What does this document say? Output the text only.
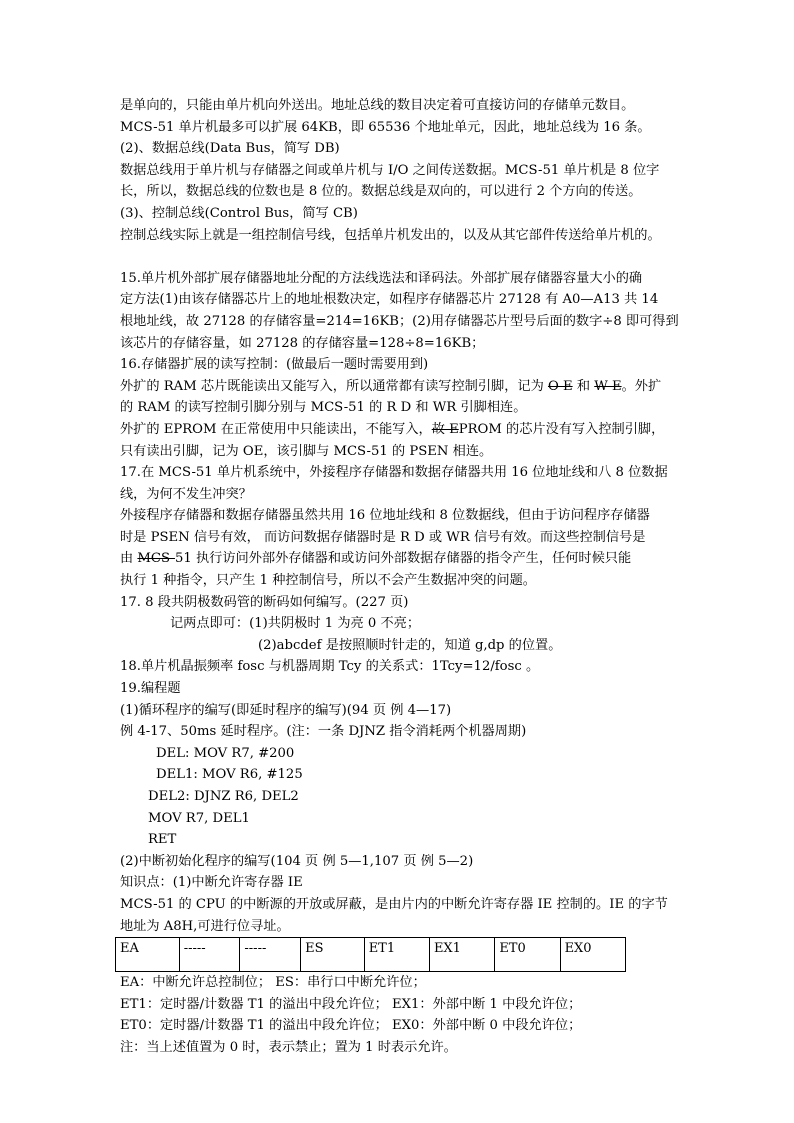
是单向的，只能由单片机向外送出。地址总线的数目决定着可直接访问的存储单元数目。
MCS-51 单片机最多可以扩展 64KB，即 65536 个地址单元，因此，地址总线为 16 条。
(2)、数据总线(Data Bus，简写 DB)
数据总线用于单片机与存储器之间或单片机与 I/O 之间传送数据。MCS-51 单片机是 8 位字
长，所以，数据总线的位数也是 8 位的。数据总线是双向的，可以进行 2 个方向的传送。
(3)、控制总线(Control Bus，简写 CB)
控制总线实际上就是一组控制信号线，包括单片机发出的，以及从其它部件传送给单片机的。
15.单片机外部扩展存储器地址分配的方法线选法和译码法。外部扩展存储器容量大小的确
定方法(1)由该存储器芯片上的地址根数决定，如程序存储器芯片 27128 有 A0—A13 共 14
根地址线，故 27128 的存储容量=214=16KB；(2)用存储器芯片型号后面的数字÷8 即可得到
该芯片的存储容量，如 27128 的存储容量=128÷8=16KB；
16.存储器扩展的读写控制：(做最后一题时需要用到)
外扩的 RAM 芯片既能读出又能写入，所以通常都有读写控制引脚，记为 O E 和 W E。外扩
的 RAM 的读写控制引脚分别与 MCS-51 的 R D 和 WR 引脚相连。
外扩的 EPROM 在正常使用中只能读出，不能写入，故 EPROM 的芯片没有写入控制引脚，
只有读出引脚，记为 OE，该引脚与 MCS-51 的 PSEN 相连。
17.在 MCS-51 单片机系统中，外接程序存储器和数据存储器共用 16 位地址线和八 8 位数据
线，为何不发生冲突？
外接程序存储器和数据存储器虽然共用 16 位地址线和 8 位数据线，但由于访问程序存储器
时是 PSEN 信号有效， 而访问数据存储器时是 R D 或 WR 信号有效。而这些控制信号是
由 MCS-51 执行访问外部外存储器和或访问外部数据存储器的指令产生，任何时候只能
执行 1 种指令，只产生 1 种控制信号，所以不会产生数据冲突的问题。
17. 8 段共阴极数码管的断码如何编写。(227 页)
记两点即可：(1)共阴极时 1 为亮 0 不亮；
(2)abcdef 是按照顺时针走的，知道 g,dp 的位置。
18.单片机晶振频率 fosc 与机器周期 Tcy 的关系式：1Tcy=12/fosc 。
19.编程题
(1)循环程序的编写(即延时程序的编写)(94 页 例 4—17)
例 4-17、50ms 延时程序。(注：一条 DJNZ 指令消耗两个机器周期)
DEL: MOV R7, #200
DEL1: MOV R6, #125
DEL2: DJNZ R6, DEL2
MOV R7, DEL1
RET
(2)中断初始化程序的编写(104 页 例 5—1,107 页 例 5—2)
知识点：(1)中断允许寄存器 IE
MCS-51 的 CPU 的中断源的开放或屏蔽，是由片内的中断允许寄存器 IE 控制的。IE 的字节
地址为 A8H,可进行位寻址。
EA	-----	-----	ES	ET1	EX1	ET0	EX0
EA：中断允许总控制位； ES：串行口中断允许位；
ET1：定时器/计数器 T1 的溢出中段允许位； EX1：外部中断 1 中段允许位；
ET0：定时器/计数器 T1 的溢出中段允许位； EX0：外部中断 0 中段允许位；
注：当上述值置为 0 时，表示禁止；置为 1 时表示允许。
